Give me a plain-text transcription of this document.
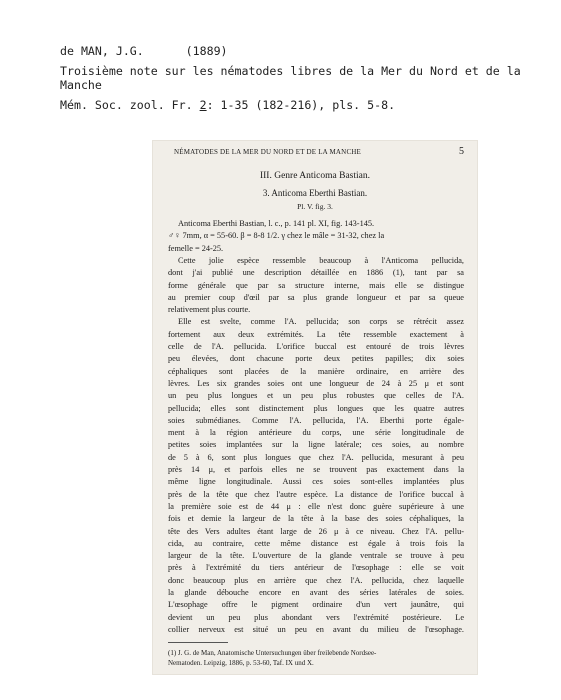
de MAN, J.G.	(1889)
Troisième note sur les nématodes libres de la Mer du Nord et de la
Manche
Mém. Soc. zool. Fr. 2: 1-35 (182-216), pls. 5-8.
NÉMATODES DE LA MER DU NORD ET DE LA MANCHE	5
III. Genre Anticoma Bastian.
3. Anticoma Eberthi Bastian.
Pl. V. fig. 3.
Anticoma Eberthi Bastian, l. c., p. 141 pl. XI, fig. 143-145.
♂♀ 7mm, α = 55-60. β = 8-8 1/2. γ chez le mâle = 31-32, chez la
femelle = 24-25.
Cette jolie espèce ressemble beaucoup à l'Anticoma pellucida,
dont j'ai publié une description détaillée en 1886 (1), tant par sa
forme générale que par sa structure interne, mais elle se distingue
au premier coup d'œil par sa plus grande longueur et par sa queue
relativement plus courte.
Elle est svelte, comme l'A. pellucida; son corps se rétrécit assez
fortement aux deux extrémités. La tête ressemble exactement à
celle de l'A. pellucida. L'orifice buccal est entouré de trois lèvres
peu élevées, dont chacune porte deux petites papilles; dix soies
céphaliques sont placées de la manière ordinaire, en arrière des
lèvres. Les six grandes soies ont une longueur de 24 à 25 μ et sont
un peu plus longues et un peu plus robustes que celles de l'A.
pellucida; elles sont distinctement plus longues que les quatre autres
soies submédianes. Comme l'A. pellucida, l'A. Eberthi porte égale-
ment à la région antérieure du corps, une série longitudinale de
petites soies implantées sur la ligne latérale; ces soies, au nombre
de 5 à 6, sont plus longues que chez l'A. pellucida, mesurant à peu
près 14 μ, et parfois elles ne se trouvent pas exactement dans la
même ligne longitudinale. Aussi ces soies sont-elles implantées plus
près de la tête que chez l'autre espèce. La distance de l'orifice buccal à
la première soie est de 44 μ : elle n'est donc guère supérieure à une
fois et demie la largeur de la tête à la base des soies céphaliques, la
tête des Vers adultes étant large de 26 μ à ce niveau. Chez l'A. pellu-
cida, au contraire, cette même distance est égale à trois fois la
largeur de la tête. L'ouverture de la glande ventrale se trouve à peu
près à l'extrémité du tiers antérieur de l'œsophage : elle se voit
donc beaucoup plus en arrière que chez l'A. pellucida, chez laquelle
la glande débouche encore en avant des séries latérales de soies.
L'œsophage offre le pigment ordinaire d'un vert jaunâtre, qui
devient un peu plus abondant vers l'extrémité postérieure. Le
collier nerveux est situé un peu en avant du milieu de l'œsophage.
(1) J. G. de Man, Anatomische Untersuchungen über freilebende Nordsee-
Nematoden. Leipzig, 1886, p. 53-60, Taf. IX und X.
